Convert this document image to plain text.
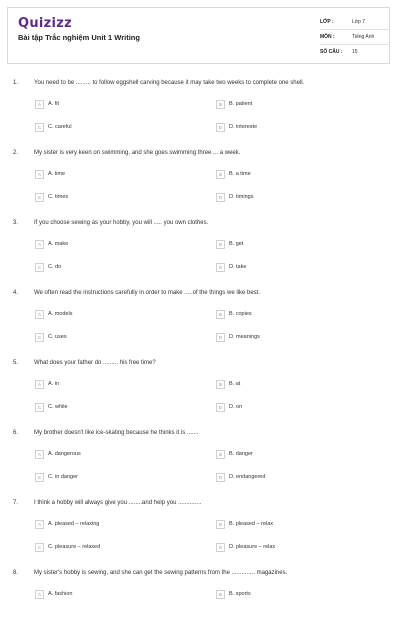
Quizizz
Bài tập Trắc nghiệm Unit 1 Writing
LỚP :	Lớp 7
MÔN :	Tiếng Anh
SỐ CÂU :	15
1.	You need to be ......... to follow eggshell carving because it may take two weeks to complete one shell.
A	A. fit	B	B. patient
C	C. careful	D	D. intereste
2.	My sister is very keen on swimming, and she goes swimming three ... a week.
A	A. time	B	B. a time
C	C. times	D	D. timings
3.	If you choose sewing as your hobby, you will ..... you own clothes.
A	A. make	B	B. get
C	C. do	D	D. take
4.	We often read the instructions carefully in order to make .....of the things we like best.
A	A. models	B	B. copies
C	C. uses	D	D. meanings
5.	What does your father do ......... his free time?
A	A. in	B	B. at
C	C. while	D	D. on
6.	My brother doesn't like ice-skating because he thinks it is .......
A	A. dangerous	B	B. danger
C	C. in danger	D	D. endangered
7.	I think a hobby will always give you ........and help you ..............
A	A. pleased – relaxing	B	B. pleased – relax
C	C. pleasure – relaxed	D	D. pleasure – relax
8.	My sister's hobby is sewing, and she can get the sewing patterns from the .............. magazines.
A	A. fashion	B	B. sports
